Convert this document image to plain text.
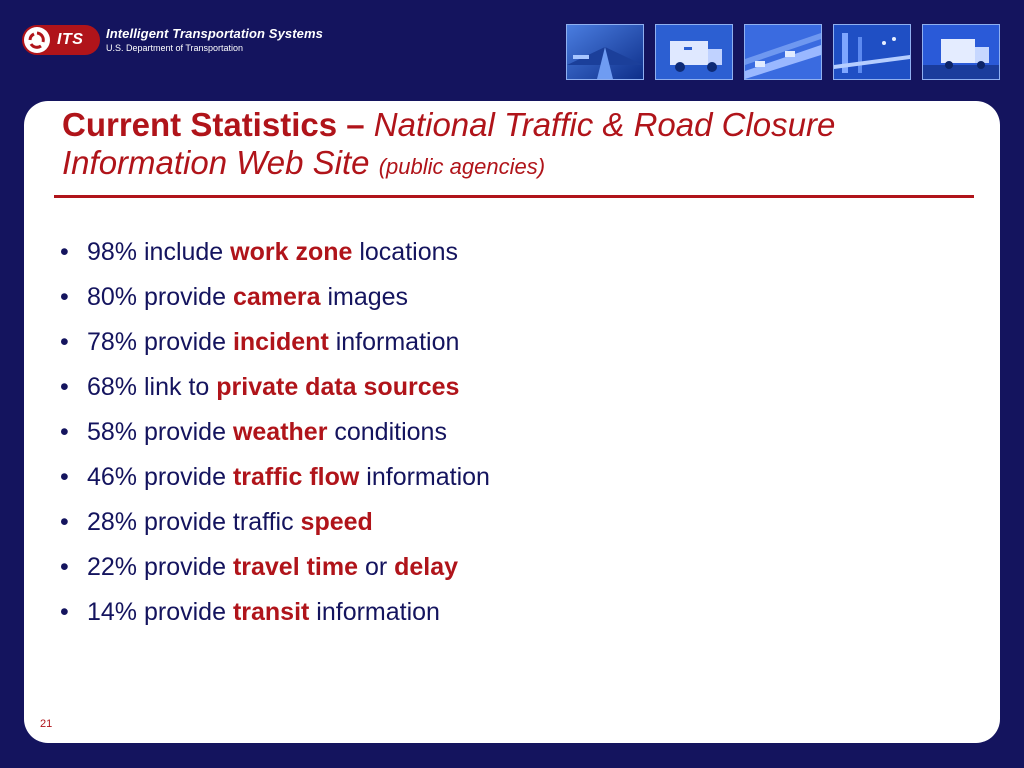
ITS Intelligent Transportation Systems
U.S. Department of Transportation
Current Statistics – National Traffic & Road Closure Information Web Site (public agencies)
• 98% include work zone locations
• 80% provide camera images
• 78% provide incident information
• 68% link to private data sources
• 58% provide weather conditions
• 46% provide traffic flow information
• 28% provide traffic speed
• 22% provide travel time or delay
• 14% provide transit information
21
